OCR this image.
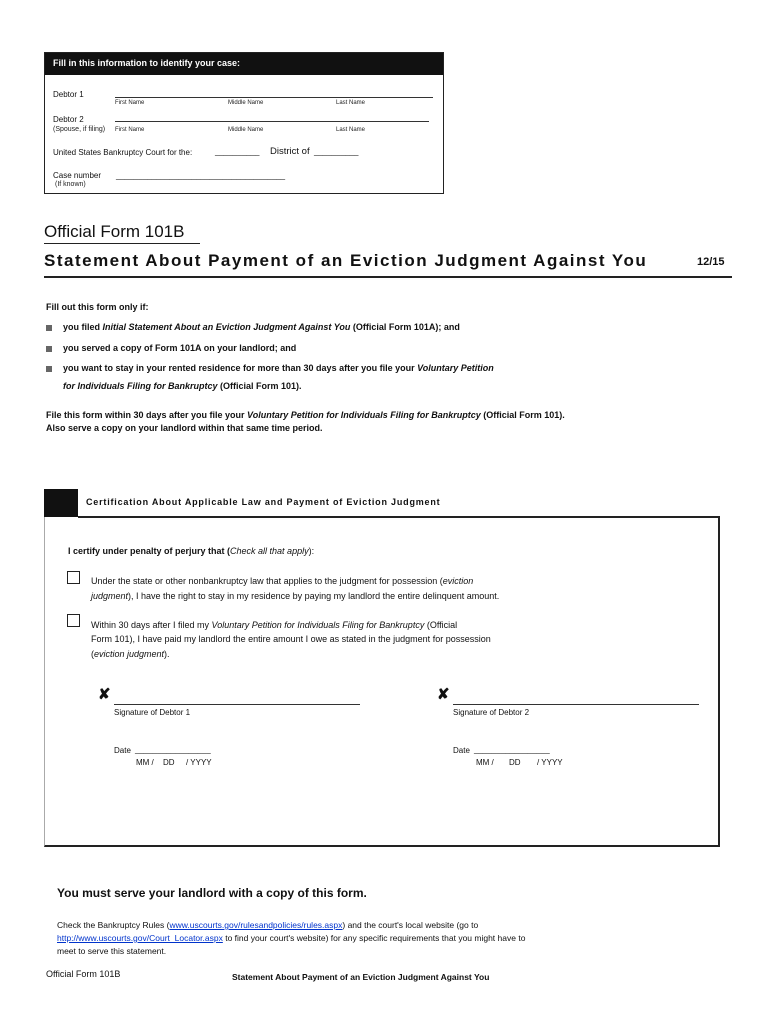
Fill in this information to identify your case:
Debtor 1
First Name	Middle Name	Last Name
Debtor 2
(Spouse, if filing) First Name	Middle Name	Last Name
United States Bankruptcy Court for the:	__________ District of __________
Case number ______________________________________
(If known)
Official Form 101B
Statement About Payment of an Eviction Judgment Against You	12/15
Fill out this form only if:
you filed Initial Statement About an Eviction Judgment Against You (Official Form 101A); and
you served a copy of Form 101A on your landlord; and
you want to stay in your rented residence for more than 30 days after you file your Voluntary Petition
for Individuals Filing for Bankruptcy (Official Form 101).
File this form within 30 days after you file your Voluntary Petition for Individuals Filing for Bankruptcy (Official Form 101).
Also serve a copy on your landlord within that same time period.
Certification About Applicable Law and Payment of Eviction Judgment
I certify under penalty of perjury that (Check all that apply):
Under the state or other nonbankruptcy law that applies to the judgment for possession (eviction
judgment), I have the right to stay in my residence by paying my landlord the entire delinquent amount.
Within 30 days after I filed my Voluntary Petition for Individuals Filing for Bankruptcy (Official
Form 101), I have paid my landlord the entire amount I owe as stated in the judgment for possession
(eviction judgment).
✘
Signature of Debtor 1
✘
Signature of Debtor 2
Date _________________
MM / DD / YYYY
Date _________________
MM / DD / YYYY
You must serve your landlord with a copy of this form.
Check the Bankruptcy Rules (www.uscourts.gov/rulesandpolicies/rules.aspx) and the court's local website (go to
http://www.uscourts.gov/Court_Locator.aspx to find your court's website) for any specific requirements that you might have to
meet to serve this statement.
Official Form 101B	Statement About Payment of an Eviction Judgment Against You
